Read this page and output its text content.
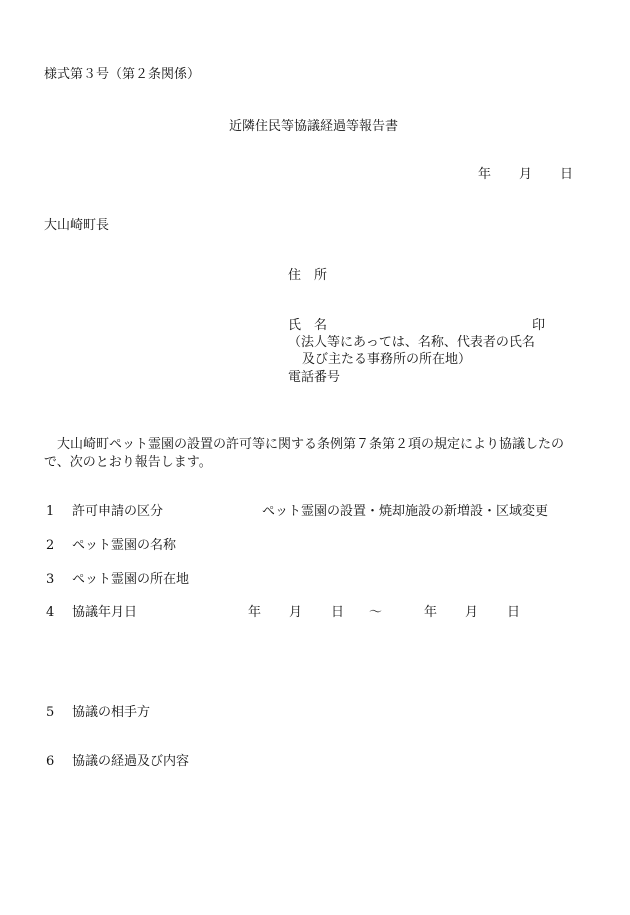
様式第３号（第２条関係）
近隣住民等協議経過等報告書
年 月 日
大山崎町長
住　所
氏　名	印
（法人等にあっては、名称、代表者の氏名
及び主たる事務所の所在地）
電話番号
大山崎町ペット霊園の設置の許可等に関する条例第７条第２項の規定により協議したので、次のとおり報告します。
1 許可申請の区分	ペット霊園の設置・焼却施設の新増設・区域変更
2 ペット霊園の名称
3 ペット霊園の所在地
4 協議年月日	年 月 日 ～	年 月 日
5 協議の相手方
6 協議の経過及び内容
